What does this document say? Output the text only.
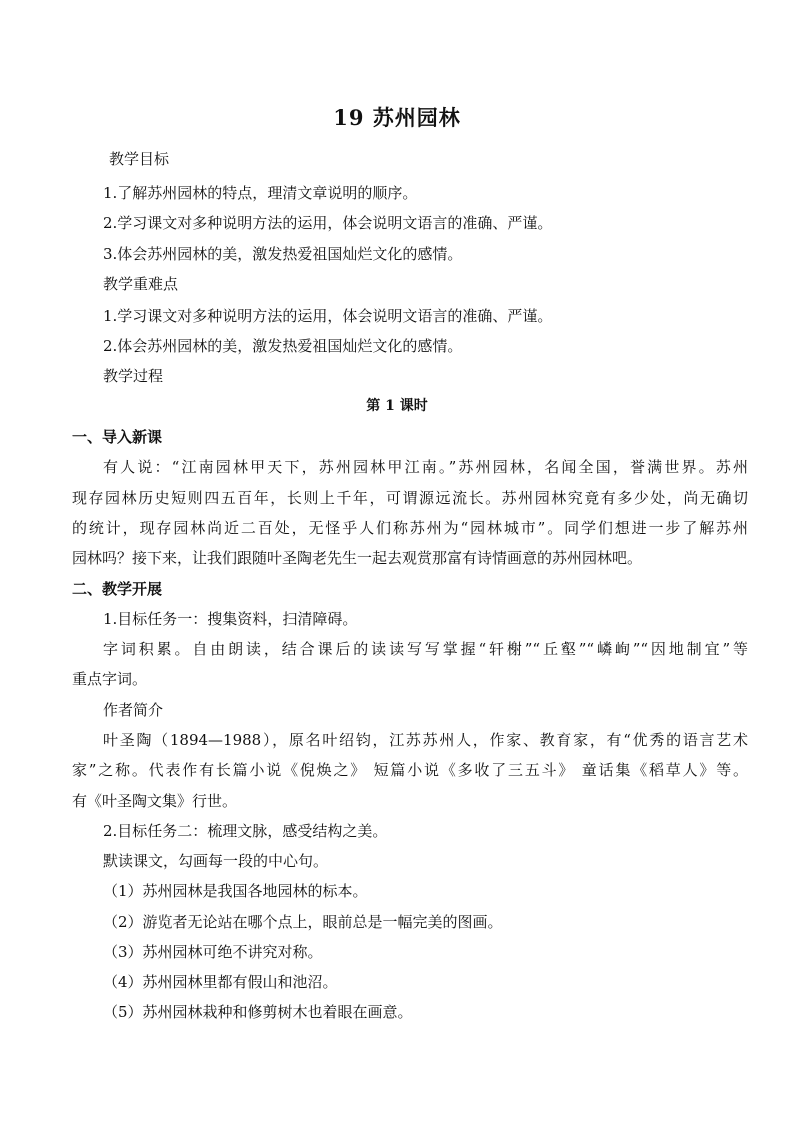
19 苏州园林
教学目标
1.了解苏州园林的特点，理清文章说明的顺序。
2.学习课文对多种说明方法的运用，体会说明文语言的准确、严谨。
3.体会苏州园林的美，激发热爱祖国灿烂文化的感情。
教学重难点
1.学习课文对多种说明方法的运用，体会说明文语言的准确、严谨。
2.体会苏州园林的美，激发热爱祖国灿烂文化的感情。
教学过程
第 1 课时
一、导入新课
有人说：“江南园林甲天下，苏州园林甲江南。”苏州园林，名闻全国，誉满世界。苏州
现存园林历史短则四五百年，长则上千年，可谓源远流长。苏州园林究竟有多少处，尚无确切
的统计，现存园林尚近二百处，无怪乎人们称苏州为“园林城市”。同学们想进一步了解苏州
园林吗？接下来，让我们跟随叶圣陶老先生一起去观赏那富有诗情画意的苏州园林吧。
二、教学开展
1.目标任务一：搜集资料，扫清障碍。
字词积累。自由朗读，结合课后的读读写写掌握“轩榭”“丘壑”“嶙峋”“因地制宜”等
重点字词。
作者简介
叶圣陶（1894—1988），原名叶绍钧，江苏苏州人，作家、教育家，有“优秀的语言艺术
家”之称。代表作有长篇小说《倪焕之》 短篇小说《多收了三五斗》 童话集《稻草人》等。
有《叶圣陶文集》行世。
2.目标任务二：梳理文脉，感受结构之美。
默读课文，勾画每一段的中心句。
（1）苏州园林是我国各地园林的标本。
（2）游览者无论站在哪个点上，眼前总是一幅完美的图画。
（3）苏州园林可绝不讲究对称。
（4）苏州园林里都有假山和池沼。
（5）苏州园林栽种和修剪树木也着眼在画意。
